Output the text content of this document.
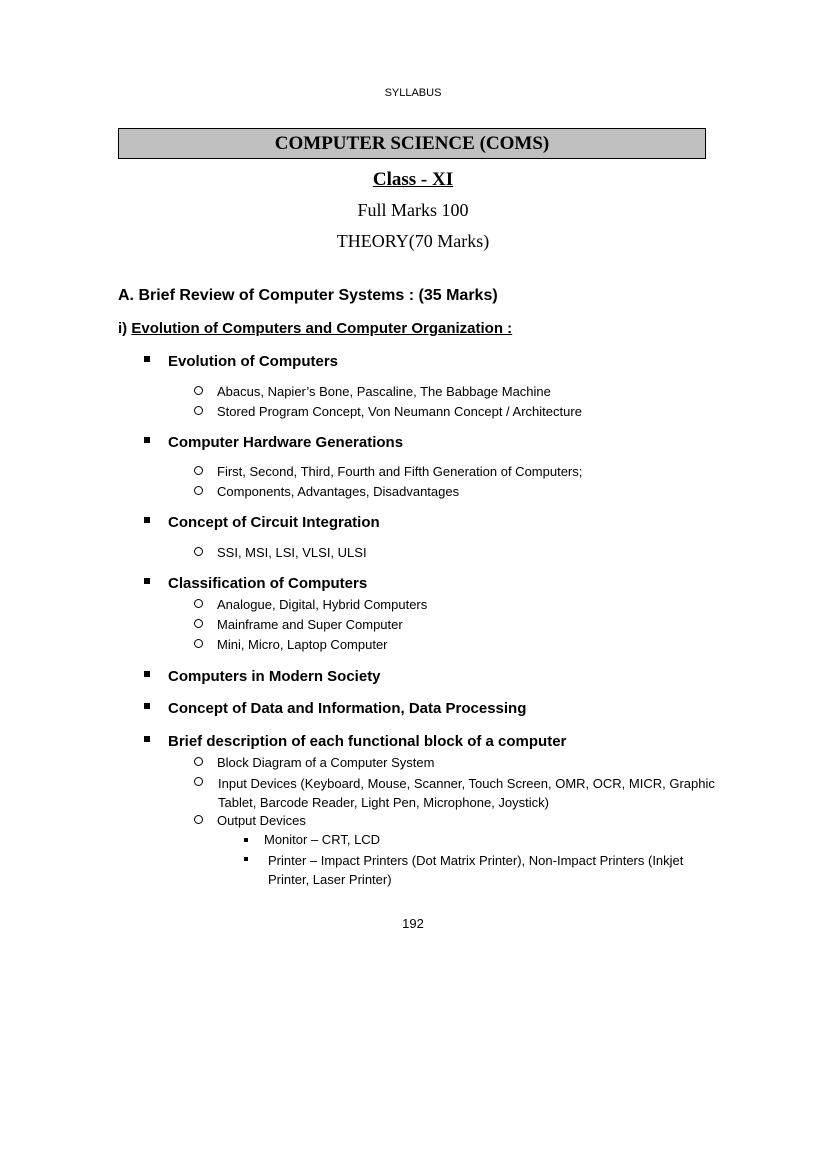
SYLLABUS
COMPUTER SCIENCE (COMS)
Class - XI
Full Marks 100
THEORY(70 Marks)
A. Brief Review of Computer Systems : (35 Marks)
i) Evolution of Computers and Computer Organization :
Evolution of Computers
Abacus, Napier’s Bone, Pascaline, The Babbage Machine
Stored Program Concept, Von Neumann Concept / Architecture
Computer Hardware Generations
First, Second, Third, Fourth and Fifth Generation of Computers;
Components, Advantages, Disadvantages
Concept of Circuit Integration
SSI, MSI, LSI, VLSI, ULSI
Classification of Computers
Analogue, Digital, Hybrid Computers
Mainframe and Super Computer
Mini, Micro, Laptop Computer
Computers in Modern Society
Concept of Data and Information, Data Processing
Brief description of each functional block of a computer
Block Diagram of a Computer System
Input Devices (Keyboard, Mouse, Scanner, Touch Screen, OMR, OCR, MICR, Graphic Tablet, Barcode Reader, Light Pen, Microphone, Joystick)
Output Devices
Monitor – CRT, LCD
Printer – Impact Printers (Dot Matrix Printer), Non-Impact Printers (Inkjet Printer, Laser Printer)
192
